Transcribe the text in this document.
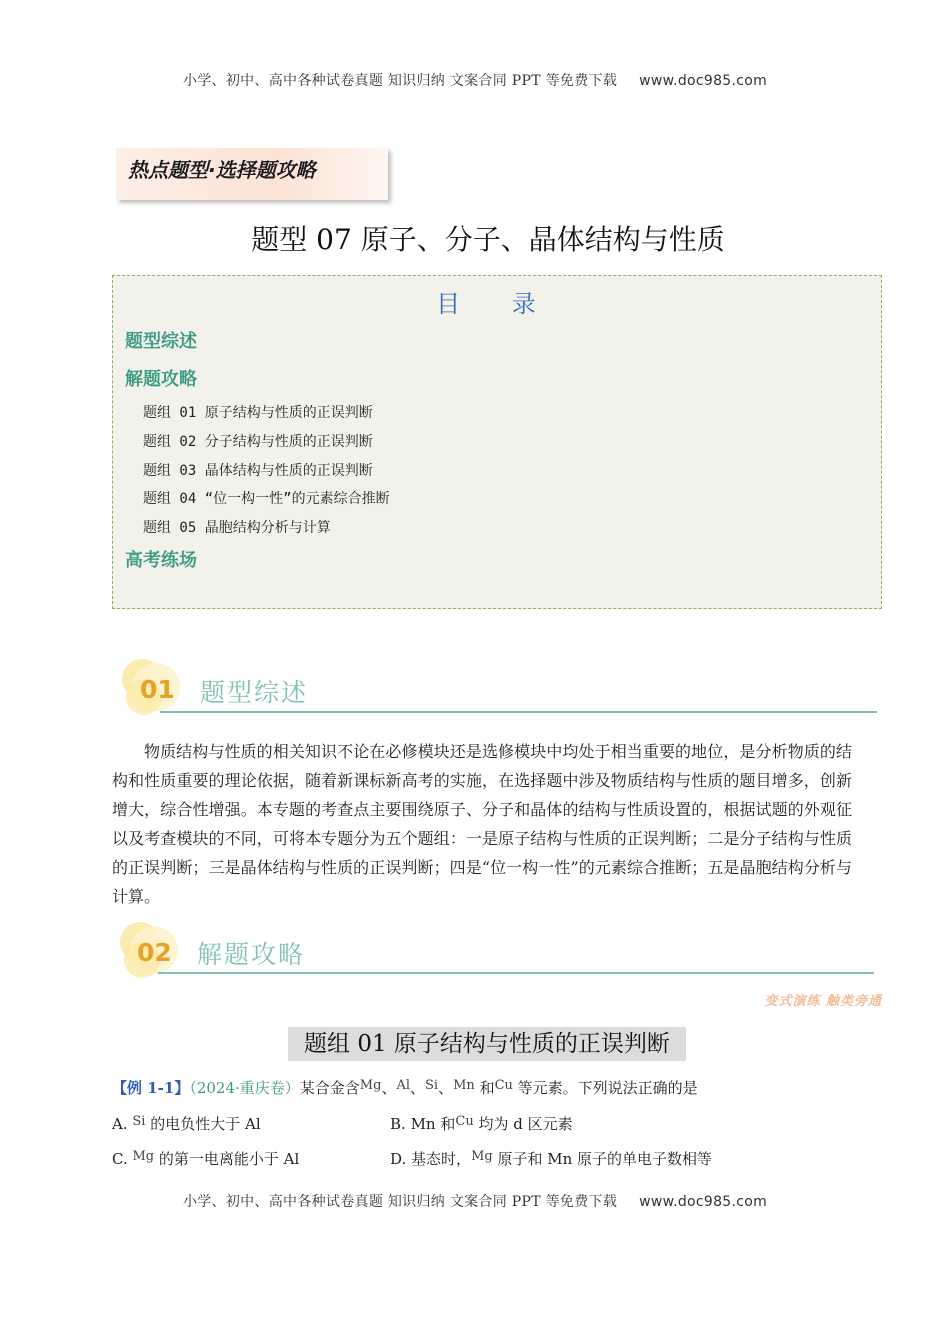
小学、初中、高中各种试卷真题 知识归纳 文案合同 PPT 等免费下载 www.doc985.com
热点题型·选择题攻略
题型 07 原子、分子、晶体结构与性质
目 录
题型综述
解题攻略
题组 01 原子结构与性质的正误判断
题组 02 分子结构与性质的正误判断
题组 03 晶体结构与性质的正误判断
题组 04 “位一构一性”的元素综合推断
题组 05 晶胞结构分析与计算
高考练场
01 题型综述
物质结构与性质的相关知识不论在必修模块还是选修模块中均处于相当重要的地位，是分析物质的结构和性质重要的理论依据，随着新课标新高考的实施，在选择题中涉及物质结构与性质的题目增多，创新增大，综合性增强。本专题的考查点主要围绕原子、分子和晶体的结构与性质设置的，根据试题的外观征以及考查模块的不同，可将本专题分为五个题组：一是原子结构与性质的正误判断；二是分子结构与性质的正误判断；三是晶体结构与性质的正误判断；四是“位一构一性”的元素综合推断；五是晶胞结构分析与计算。
02 解题攻略
变式演练 触类旁通
题组 01 原子结构与性质的正误判断
【例 1-1】（2024·重庆卷）某合金含Mg、Al、Si、Mn 和Cu 等元素。下列说法正确的是
A. Si 的电负性大于 Al	B. Mn 和Cu 均为 d 区元素
C. Mg 的第一电离能小于 Al	D. 基态时，Mg 原子和 Mn 原子的单电子数相等
小学、初中、高中各种试卷真题 知识归纳 文案合同 PPT 等免费下载 www.doc985.com
